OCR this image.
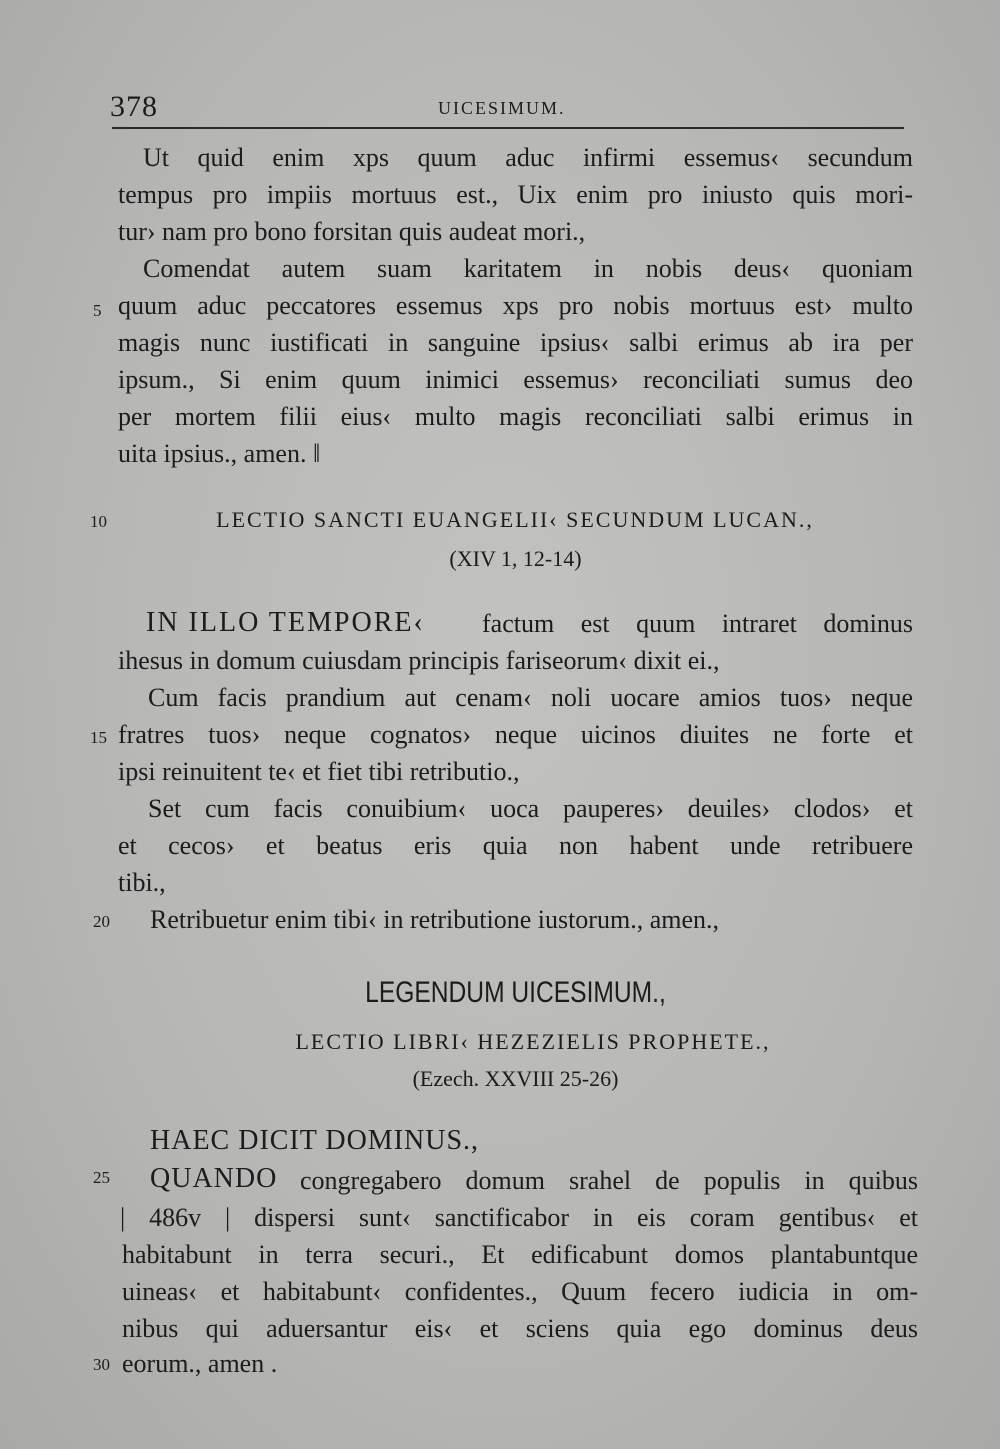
378	UICESIMUM.
Ut quid enim xps quum aduc infirmi essemus‹ secundum
tempus pro impiis mortuus est., Uix enim pro iniusto quis mori-
tur› nam pro bono forsitan quis audeat mori.,
Comendat autem suam karitatem in nobis deus‹ quoniam
5 quum aduc peccatores essemus xps pro nobis mortuus est› multo
magis nunc iustificati in sanguine ipsius‹ salbi erimus ab ira per
ipsum., Si enim quum inimici essemus› reconciliati sumus deo
per mortem filii eius‹ multo magis reconciliati salbi erimus in
uita ipsius., amen. ‖
10	LECTIO SANCTI EUANGELII‹ SECUNDUM LUCAN.,
(XIV 1, 12-14)
IN ILLO TEMPORE‹ factum est quum intraret dominus
ihesus in domum cuiusdam principis fariseorum‹ dixit ei.,
Cum facis prandium aut cenam‹ noli uocare amios tuos› neque
15 fratres tuos› neque cognatos› neque uicinos diuites ne forte et
ipsi reinuitent te‹ et fiet tibi retributio.,
Set cum facis conuibium‹ uoca pauperes› deuiles› clodos› et
et cecos› et beatus eris quia non habent unde retribuere
tibi.,
20 Retribuetur enim tibi‹ in retributione iustorum., amen.,
LEGENDUM UICESIMUM.,
LECTIO LIBRI‹ HEZEZIELIS PROPHETE.,
(Ezech. XXVIII 25-26)
HAEC DICIT DOMINUS.,
25 QUANDO congregabero domum srahel de populis in quibus
| 486v | dispersi sunt‹ sanctificabor in eis coram gentibus‹ et
habitabunt in terra securi., Et edificabunt domos plantabuntque
uineas‹ et habitabunt‹ confidentes., Quum fecero iudicia in om-
nibus qui aduersantur eis‹ et sciens quia ego dominus deus
30 eorum., amen .
